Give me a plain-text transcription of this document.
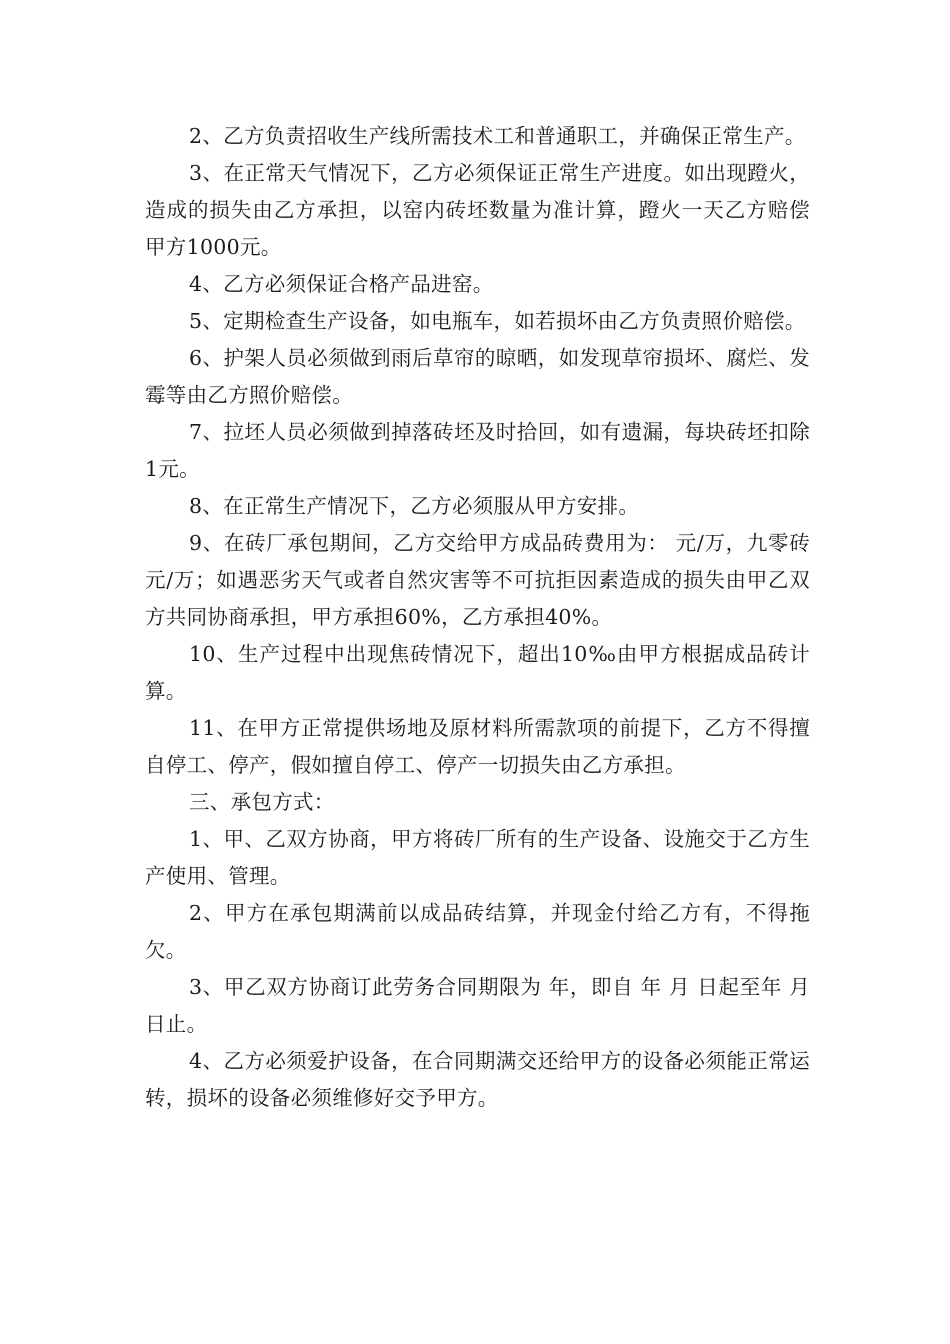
2、乙方负责招收生产线所需技术工和普通职工，并确保正常生产。

3、在正常天气情况下，乙方必须保证正常生产进度。如出现蹬火，造成的损失由乙方承担，以窑内砖坯数量为准计算，蹬火一天乙方赔偿甲方1000元。

4、乙方必须保证合格产品进窑。

5、定期检查生产设备，如电瓶车，如若损坏由乙方负责照价赔偿。

6、护架人员必须做到雨后草帘的晾晒，如发现草帘损坏、腐烂、发霉等由乙方照价赔偿。

7、拉坯人员必须做到掉落砖坯及时拾回，如有遗漏，每块砖坯扣除1元。

8、在正常生产情况下，乙方必须服从甲方安排。

9、在砖厂承包期间，乙方交给甲方成品砖费用为： 元/万，九零砖 元/万；如遇恶劣天气或者自然灾害等不可抗拒因素造成的损失由甲乙双方共同协商承担，甲方承担60%，乙方承担40%。

10、生产过程中出现焦砖情况下，超出10‰由甲方根据成品砖计算。

11、在甲方正常提供场地及原材料所需款项的前提下，乙方不得擅自停工、停产，假如擅自停工、停产一切损失由乙方承担。

三、承包方式：

1、甲、乙双方协商，甲方将砖厂所有的生产设备、设施交于乙方生产使用、管理。

2、甲方在承包期满前以成品砖结算，并现金付给乙方有，不得拖欠。

3、甲乙双方协商订此劳务合同期限为 年，即自 年 月 日起至年 月 日止。

4、乙方必须爱护设备，在合同期满交还给甲方的设备必须能正常运转，损坏的设备必须维修好交予甲方。
